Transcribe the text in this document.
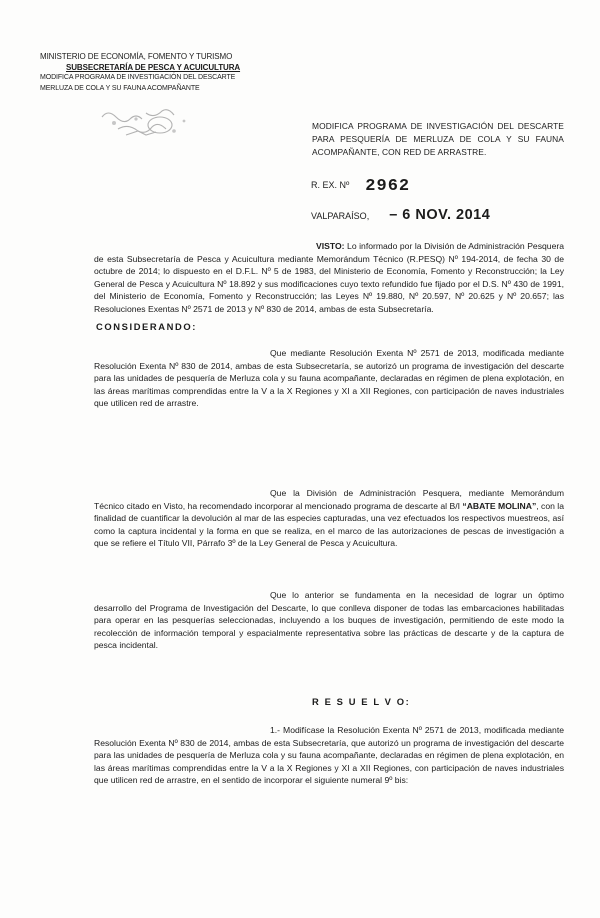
MINISTERIO DE ECONOMÍA, FOMENTO Y TURISMO
SUBSECRETARÍA DE PESCA Y ACUICULTURA
MODIFICA PROGRAMA DE INVESTIGACIÓN DEL DESCARTE
MERLUZA DE COLA Y SU FAUNA ACOMPAÑANTE
MODIFICA PROGRAMA DE INVESTIGACIÓN DEL DESCARTE PARA PESQUERÍA DE MERLUZA DE COLA Y SU FAUNA ACOMPAÑANTE, CON RED DE ARRASTRE.
R. EX. Nº 2962
VALPARAÍSO, – 6 NOV. 2014
VISTO: Lo informado por la División de Administración Pesquera de esta Subsecretaría de Pesca y Acuicultura mediante Memorándum Técnico (R.PESQ) Nº 194-2014, de fecha 30 de octubre de 2014; lo dispuesto en el D.F.L. Nº 5 de 1983, del Ministerio de Economía, Fomento y Reconstrucción; la Ley General de Pesca y Acuicultura Nº 18.892 y sus modificaciones cuyo texto refundido fue fijado por el D.S. Nº 430 de 1991, del Ministerio de Economía, Fomento y Reconstrucción; las Leyes Nº 19.880, Nº 20.597, Nº 20.625 y Nº 20.657; las Resoluciones Exentas Nº 2571 de 2013 y Nº 830 de 2014, ambas de esta Subsecretaría.
CONSIDERANDO:
Que mediante Resolución Exenta Nº 2571 de 2013, modificada mediante Resolución Exenta Nº 830 de 2014, ambas de esta Subsecretaría, se autorizó un programa de investigación del descarte para las unidades de pesquería de Merluza cola y su fauna acompañante, declaradas en régimen de plena explotación, en las áreas marítimas comprendidas entre la V a la X Regiones y XI a XII Regiones, con participación de naves industriales que utilicen red de arrastre.
Que la División de Administración Pesquera, mediante Memorándum Técnico citado en Visto, ha recomendado incorporar al mencionado programa de descarte al B/I “ABATE MOLINA”, con la finalidad de cuantificar la devolución al mar de las especies capturadas, una vez efectuados los respectivos muestreos, así como la captura incidental y la forma en que se realiza, en el marco de las autorizaciones de pescas de investigación a que se refiere el Título VII, Párrafo 3º de la Ley General de Pesca y Acuicultura.
Que lo anterior se fundamenta en la necesidad de lograr un óptimo desarrollo del Programa de Investigación del Descarte, lo que conlleva disponer de todas las embarcaciones habilitadas para operar en las pesquerías seleccionadas, incluyendo a los buques de investigación, permitiendo de este modo la recolección de información temporal y espacialmente representativa sobre las prácticas de descarte y de la captura de pesca incidental.
R E S U E L V O:
1.- Modifícase la Resolución Exenta Nº 2571 de 2013, modificada mediante Resolución Exenta Nº 830 de 2014, ambas de esta Subsecretaría, que autorizó un programa de investigación del descarte para las unidades de pesquería de Merluza cola y su fauna acompañante, declaradas en régimen de plena explotación, en las áreas marítimas comprendidas entre la V a la X Regiones y XI a XII Regiones, con participación de naves industriales que utilicen red de arrastre, en el sentido de incorporar el siguiente numeral 9º bis:
